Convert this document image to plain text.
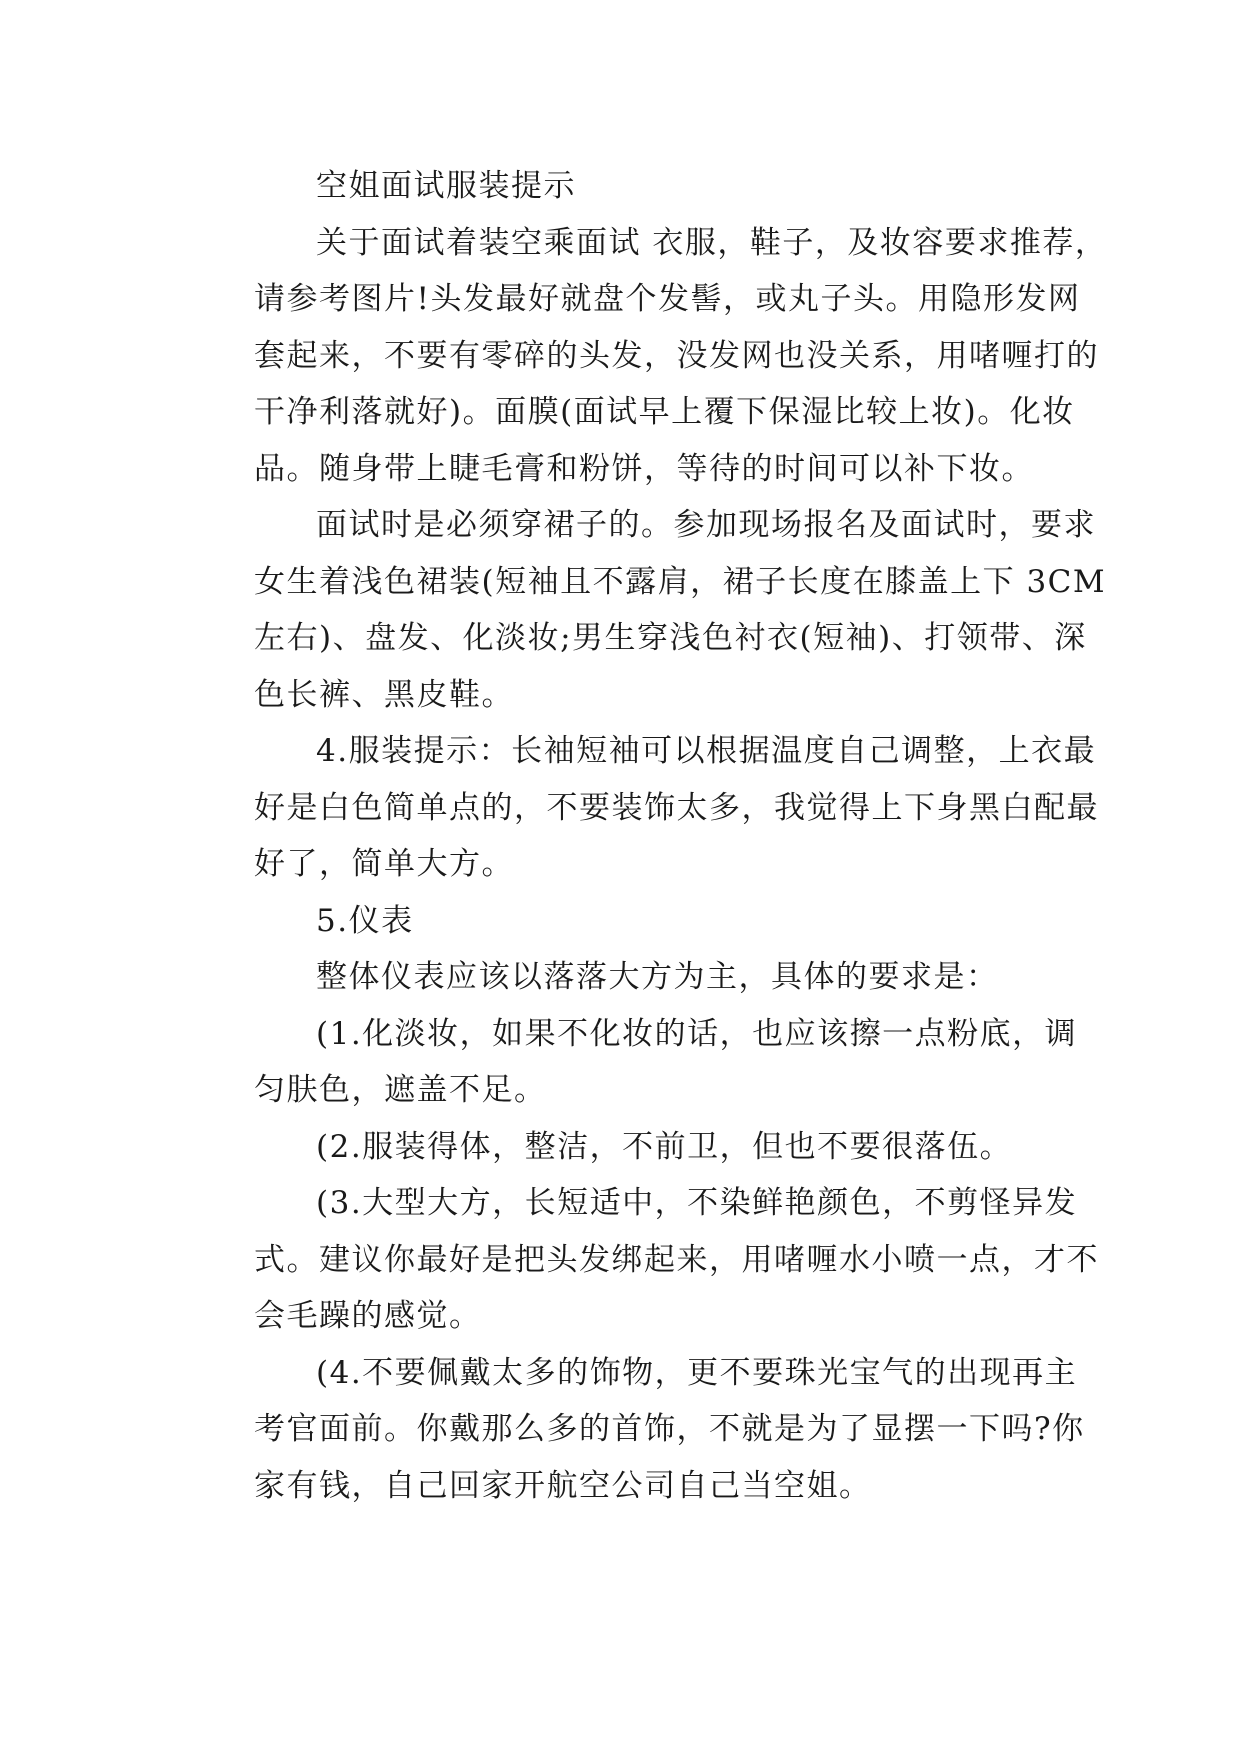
空姐面试服装提示
关于面试着装空乘面试 衣服，鞋子，及妆容要求推荐，
请参考图片!头发最好就盘个发髻，或丸子头。用隐形发网
套起来，不要有零碎的头发，没发网也没关系，用啫喱打的
干净利落就好)。面膜(面试早上覆下保湿比较上妆)。化妆
品。随身带上睫毛膏和粉饼，等待的时间可以补下妆。
面试时是必须穿裙子的。参加现场报名及面试时，要求
女生着浅色裙装(短袖且不露肩，裙子长度在膝盖上下 3CM
左右)、盘发、化淡妆;男生穿浅色衬衣(短袖)、打领带、深
色长裤、黑皮鞋。
4.服装提示：长袖短袖可以根据温度自己调整，上衣最
好是白色简单点的，不要装饰太多，我觉得上下身黑白配最
好了，简单大方。
5.仪表
整体仪表应该以落落大方为主，具体的要求是：
(1.化淡妆，如果不化妆的话，也应该擦一点粉底，调
匀肤色，遮盖不足。
(2.服装得体，整洁，不前卫，但也不要很落伍。
(3.大型大方，长短适中，不染鲜艳颜色，不剪怪异发
式。建议你最好是把头发绑起来，用啫喱水小喷一点，才不
会毛躁的感觉。
(4.不要佩戴太多的饰物，更不要珠光宝气的出现再主
考官面前。你戴那么多的首饰，不就是为了显摆一下吗?你
家有钱，自己回家开航空公司自己当空姐。
